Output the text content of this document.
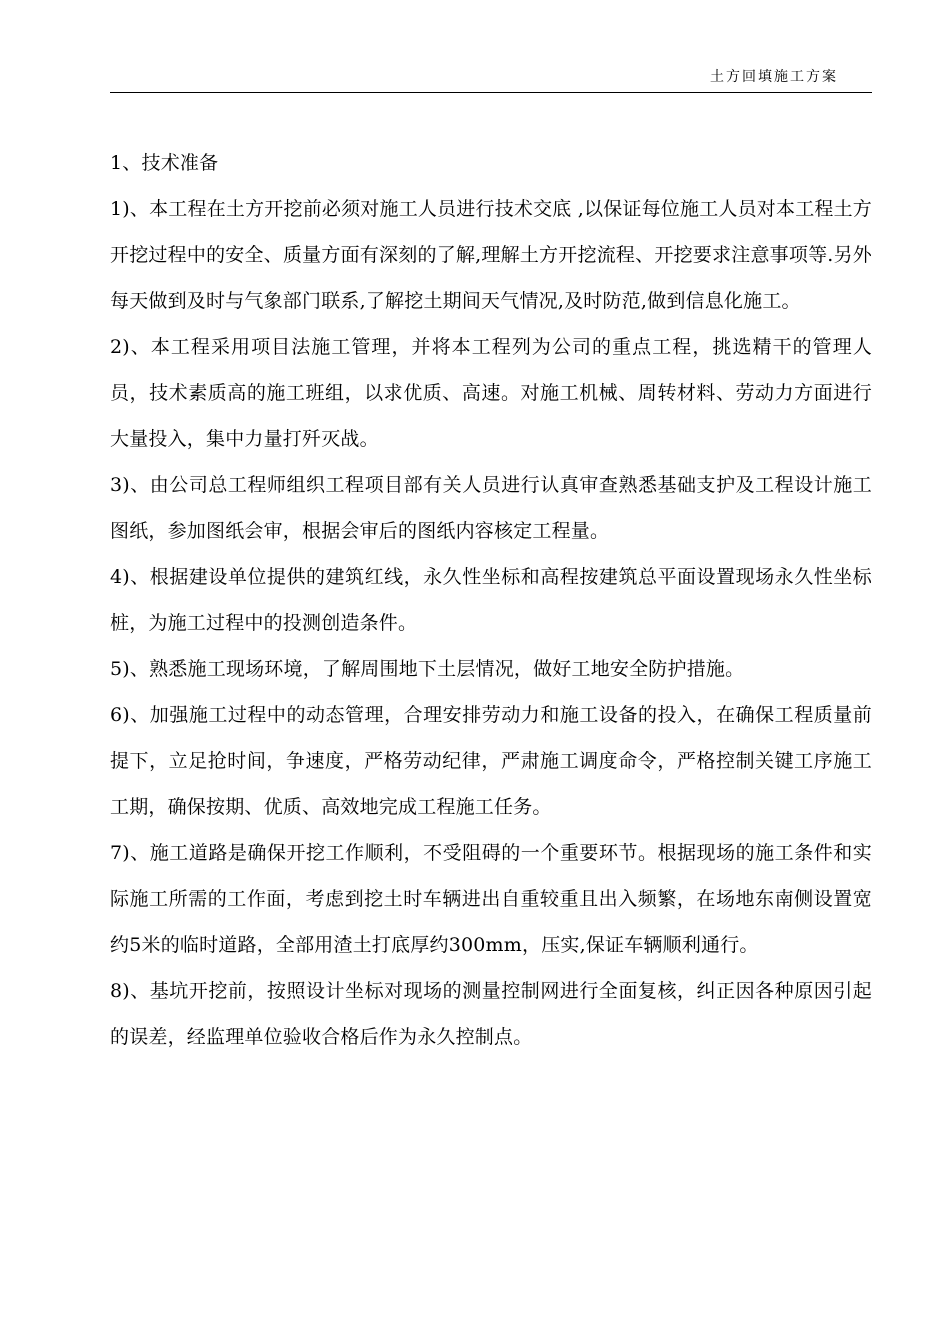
土方回填施工方案

1、技术准备

1)、本工程在土方开挖前必须对施工人员进行技术交底 ,以保证每位施工人员对本工程土方开挖过程中的安全、质量方面有深刻的了解,理解土方开挖流程、开挖要求注意事项等.另外每天做到及时与气象部门联系,了解挖土期间天气情况,及时防范,做到信息化施工。

2)、本工程采用项目法施工管理，并将本工程列为公司的重点工程，挑选精干的管理人员，技术素质高的施工班组，以求优质、高速。对施工机械、周转材料、劳动力方面进行大量投入，集中力量打歼灭战。

3)、由公司总工程师组织工程项目部有关人员进行认真审查熟悉基础支护及工程设计施工图纸，参加图纸会审，根据会审后的图纸内容核定工程量。

4)、根据建设单位提供的建筑红线，永久性坐标和高程按建筑总平面设置现场永久性坐标桩，为施工过程中的投测创造条件。

5)、熟悉施工现场环境，了解周围地下土层情况，做好工地安全防护措施。

6)、加强施工过程中的动态管理，合理安排劳动力和施工设备的投入，在确保工程质量前提下，立足抢时间，争速度，严格劳动纪律，严肃施工调度命令，严格控制关键工序施工工期，确保按期、优质、高效地完成工程施工任务。

7)、施工道路是确保开挖工作顺利，不受阻碍的一个重要环节。根据现场的施工条件和实际施工所需的工作面，考虑到挖土时车辆进出自重较重且出入频繁，在场地东南侧设置宽约5米的临时道路，全部用渣土打底厚约300mm，压实,保证车辆顺利通行。

8)、基坑开挖前，按照设计坐标对现场的测量控制网进行全面复核，纠正因各种原因引起的误差，经监理单位验收合格后作为永久控制点。
